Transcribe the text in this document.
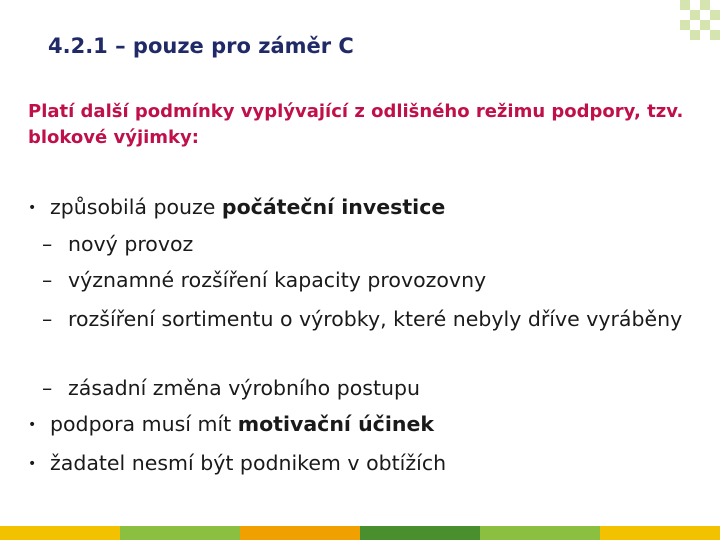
4.2.1 – pouze pro záměr C
Platí další podmínky vyplývající z odlišného režimu podpory, tzv. blokové výjimky:
• způsobilá pouze počáteční investice
– nový provoz
– významné rozšíření kapacity provozovny
– rozšíření sortimentu o výrobky, které nebyly dříve vyráběny
– zásadní změna výrobního postupu
• podpora musí mít motivační účinek
• žadatel nesmí být podnikem v obtížích
